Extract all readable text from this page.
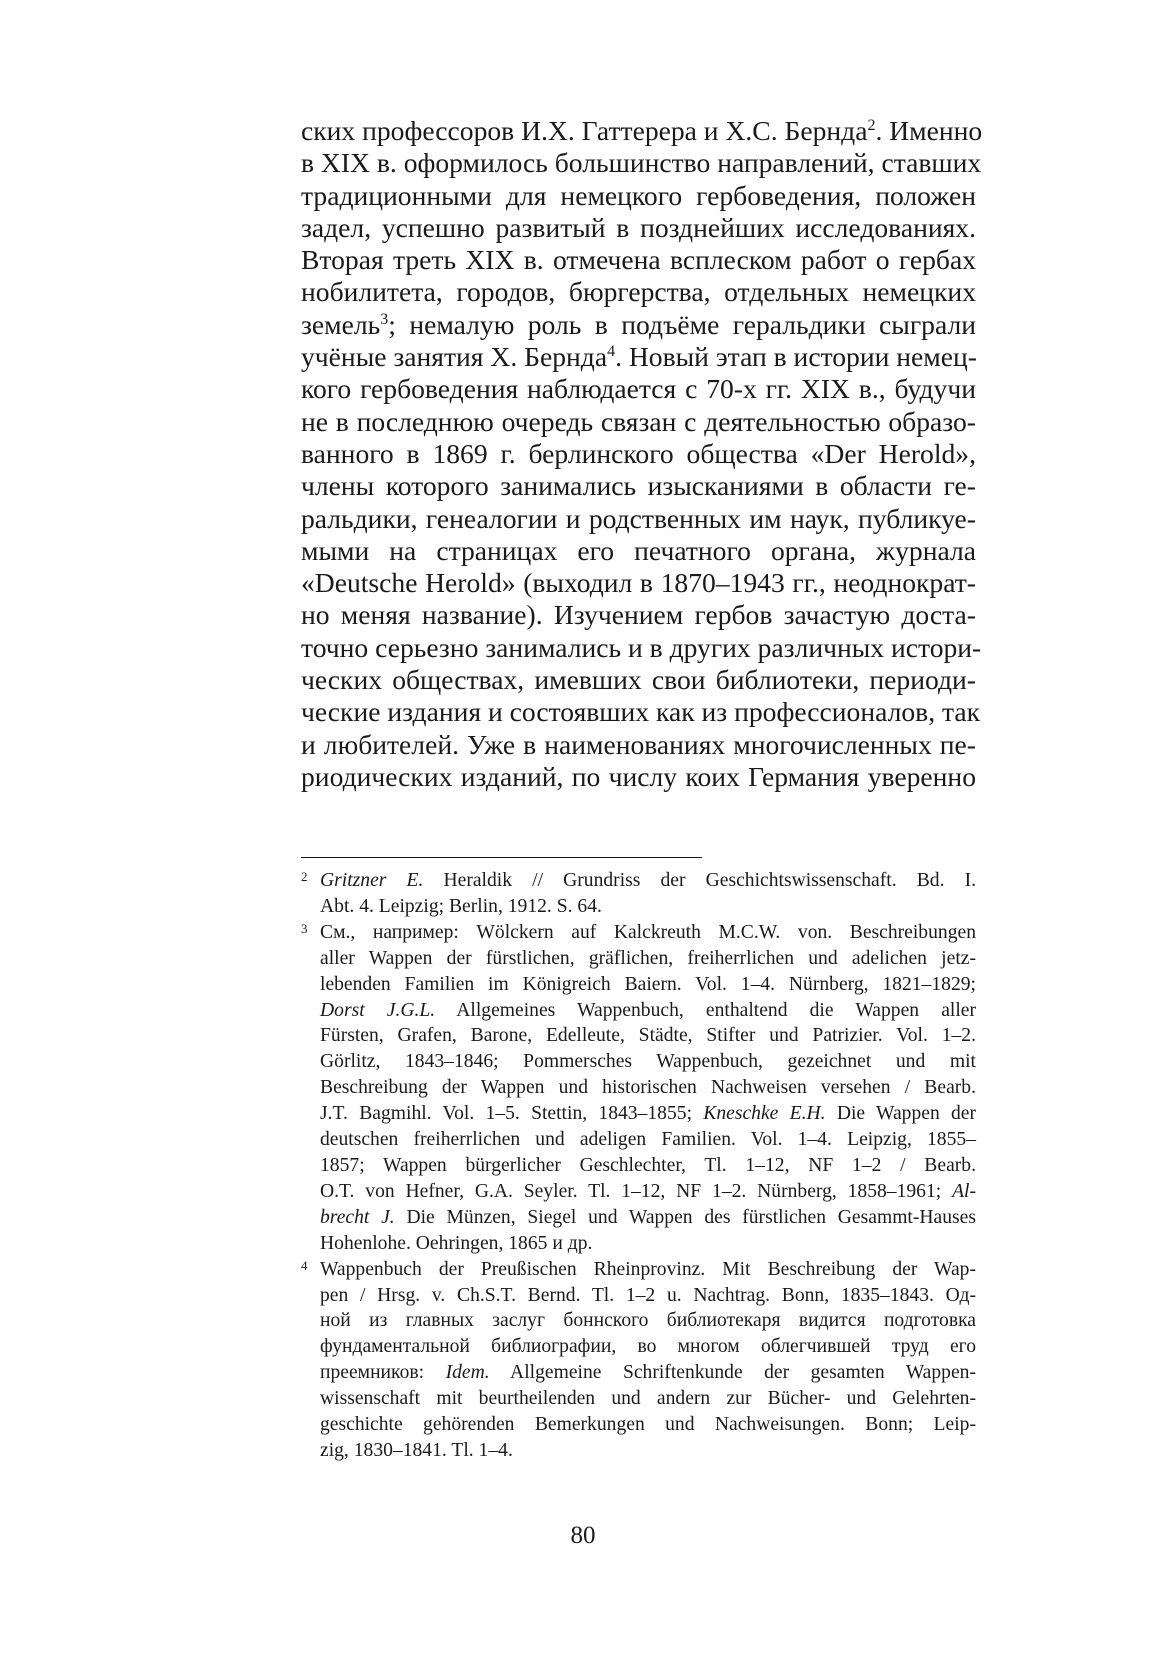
ских профессоров И.Х. Гаттерера и Х.С. Бернда$^2$. Именно
в XIX в. оформилось большинство направлений, ставших
традиционными для немецкого гербоведения, положен
задел, успешно развитый в позднейших исследованиях.
Вторая треть XIX в. отмечена всплеском работ о гербах
нобилитета, городов, бюргерства, отдельных немецких
земель$^3$; немалую роль в подъёме геральдики сыграли
учёные занятия Х. Бернда$^4$. Новый этап в истории немец-
кого гербоведения наблюдается с 70-х гг. XIX в., будучи
не в последнюю очередь связан с деятельностью образо-
ванного в 1869 г. берлинского общества «Der Herold»,
члены которого занимались изысканиями в области ге-
ральдики, генеалогии и родственных им наук, публикуе-
мыми на страницах его печатного органа, журнала
«Deutsche Herold» (выходил в 1870–1943 гг., неоднократ-
но меняя название). Изучением гербов зачастую доста-
точно серьезно занимались и в других различных истори-
ческих обществах, имевших свои библиотеки, периоди-
ческие издания и состоявших как из профессионалов, так
и любителей. Уже в наименованиях многочисленных пе-
риодических изданий, по числу коих Германия уверенно
2 Gritzner E. Heraldik // Grundriss der Geschichtswissenschaft. Bd. I.
Abt. 4. Leipzig; Berlin, 1912. S. 64.
3 См., например: Wölckern auf Kalckreuth M.C.W. von. Beschreibungen
aller Wappen der fürstlichen, gräflichen, freiherrlichen und adelichen jetz-
lebenden Familien im Königreich Baiern. Vol. 1–4. Nürnberg, 1821–1829;
Dorst J.G.L. Allgemeines Wappenbuch, enthaltend die Wappen aller
Fürsten, Grafen, Barone, Edelleute, Städte, Stifter und Patrizier. Vol. 1–2.
Görlitz, 1843–1846; Pommersches Wappenbuch, gezeichnet und mit
Beschreibung der Wappen und historischen Nachweisen versehen / Bearb.
J.T. Bagmihl. Vol. 1–5. Stettin, 1843–1855; Kneschke E.H. Die Wappen der
deutschen freiherrlichen und adeligen Familien. Vol. 1–4. Leipzig, 1855–
1857; Wappen bürgerlicher Geschlechter, Tl. 1–12, NF 1–2 / Bearb.
O.T. von Hefner, G.A. Seyler. Tl. 1–12, NF 1–2. Nürnberg, 1858–1961; Al-
brecht J. Die Münzen, Siegel und Wappen des fürstlichen Gesammt-Hauses
Hohenlohe. Oehringen, 1865 и др.
4 Wappenbuch der Preußischen Rheinprovinz. Mit Beschreibung der Wap-
pen / Hrsg. v. Ch.S.T. Bernd. Tl. 1–2 u. Nachtrag. Bonn, 1835–1843. Од-
ной из главных заслуг боннского библиотекаря видится подготовка
фундаментальной библиографии, во многом облегчившей труд его
преемников: Idem. Allgemeine Schriftenkunde der gesamten Wappen-
wissenschaft mit beurtheilenden und andern zur Bücher- und Gelehrten-
geschichte gehörenden Bemerkungen und Nachweisungen. Bonn; Leip-
zig, 1830–1841. Tl. 1–4.
80
